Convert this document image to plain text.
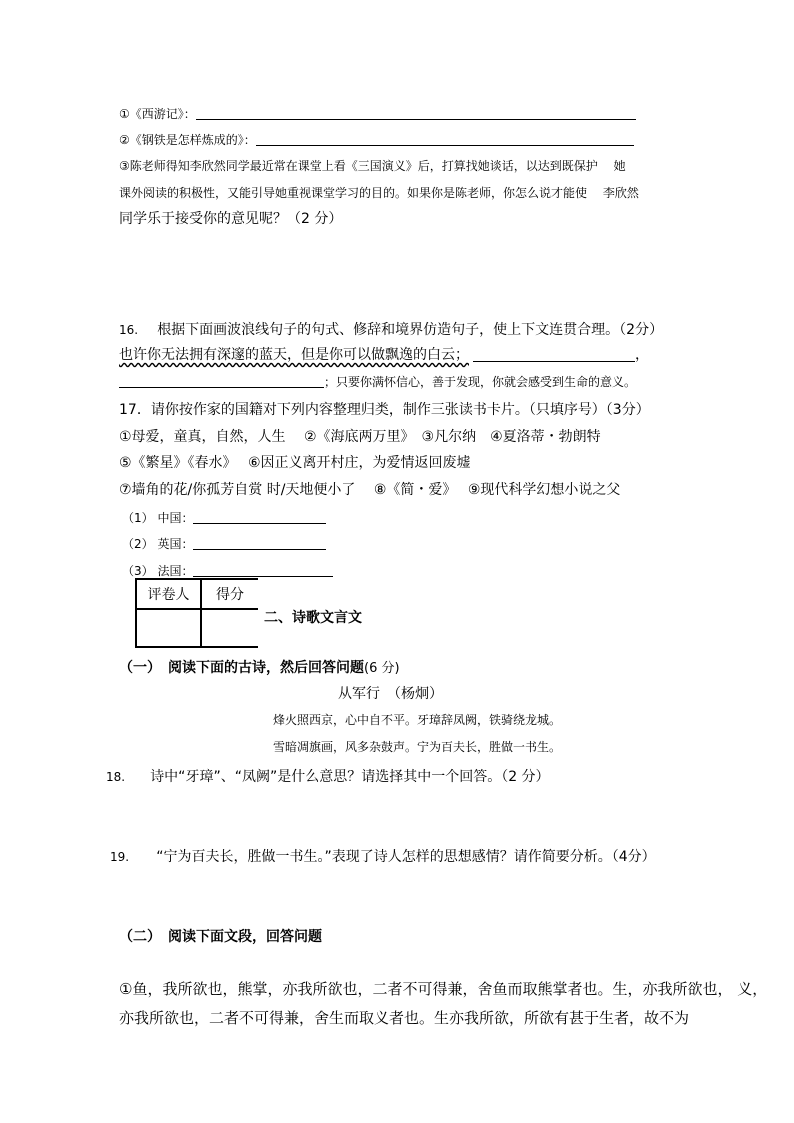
①《西游记》：
②《钢铁是怎样炼成的》：
③陈老师得知李欣然同学最近常在课堂上看《三国演义》后，打算找她谈话，以达到既保护　 她
课外阅读的积极性，又能引导她重视课堂学习的目的。如果你是陈老师，你怎么说才能使　 李欣然
同学乐于接受你的意见呢？（2 分）
16. 根据下面画波浪线句子的句式、修辞和境界仿造句子，使上下文连贯合理。（2分）
也许你无法拥有深邃的蓝天，但是你可以做飘逸的白云；	，
；只要你满怀信心，善于发现，你就会感受到生命的意义。
17．请你按作家的国籍对下列内容整理归类，制作三张读书卡片。（只填序号）（3分）
①母爱，童真，自然，人生　 ②《海底两万里》　③凡尔纳　④夏洛蒂・勃朗特
⑤《繁星》《春水》　 ⑥因正义离开村庄，为爱情返回废墟
⑦墙角的花/你孤芳自赏 时/天地便小了　 ⑧《简・爱》　 ⑨现代科学幻想小说之父
（1） 中国：
（2） 英国：
（3） 法国：
评卷人	得分

二、诗歌文言文
（一）　阅读下面的古诗，然后回答问题(6 分)
从军行　（杨炯）
烽火照西京，心中自不平。牙璋辞凤阙，铁骑绕龙城。
雪暗凋旗画，风多杂鼓声。宁为百夫长，胜做一书生。
18. 诗中“牙璋”、“凤阙”是什么意思？请选择其中一个回答。（2 分）
19. “宁为百夫长，胜做一书生。”表现了诗人怎样的思想感情？请作简要分析。（4分）
（二）　阅读下面文段，回答问题
①鱼，我所欲也，熊掌，亦我所欲也，二者不可得兼，舍鱼而取熊掌者也。生，亦我所欲也， 义，
亦我所欲也，二者不可得兼，舍生而取义者也。生亦我所欲，所欲有甚于生者，故不为
